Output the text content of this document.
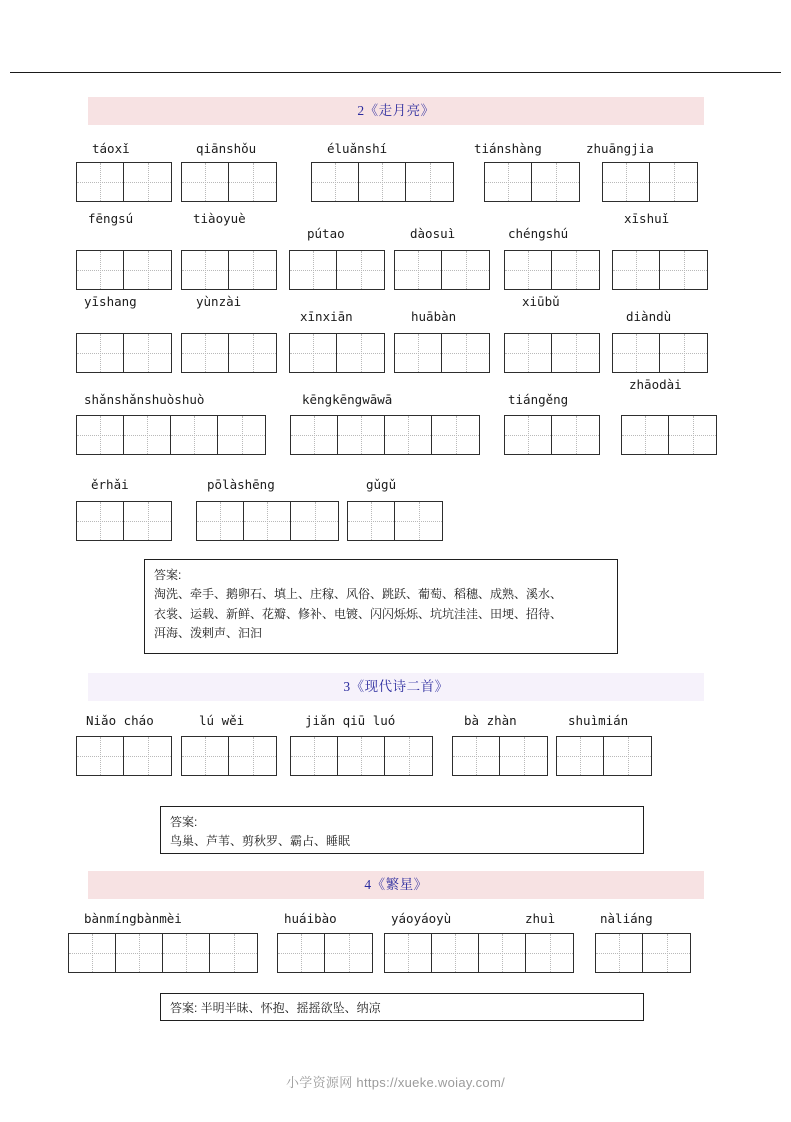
2《走月亮》
táoxǐ	qiānshǒu	éluǎnshí	tiánshàng	zhuāngjia
fēngsú	tiàoyuè
pútao	dàosuì	chéngshú
xīshuǐ
yīshang	yùnzài
xīnxiān	huābàn
xiūbǔ
diàndù
shǎnshǎnshuòshuò	kēngkēngwāwā	tiángěng
zhāodài
ěrhǎi	pōlàshēng	gǔgǔ
答案:
淘洗、牵手、鹅卵石、填上、庄稼、风俗、跳跃、葡萄、稻穗、成熟、溪水、
衣裳、运载、新鲜、花瓣、修补、电镀、闪闪烁烁、坑坑洼洼、田埂、招待、
洱海、泼剌声、汩汩
3《现代诗二首》
Niǎo cháo	lú wěi	jiǎn qiū luó	bà zhàn	shuìmián
答案:
鸟巢、芦苇、剪秋罗、霸占、睡眠
4《繁星》
bànmíngbànmèi	huáibào	yáoyáoyù	zhuì	nàliáng
答案: 半明半昧、怀抱、摇摇欲坠、纳凉
小学资源网 https://xueke.woiay.com/
